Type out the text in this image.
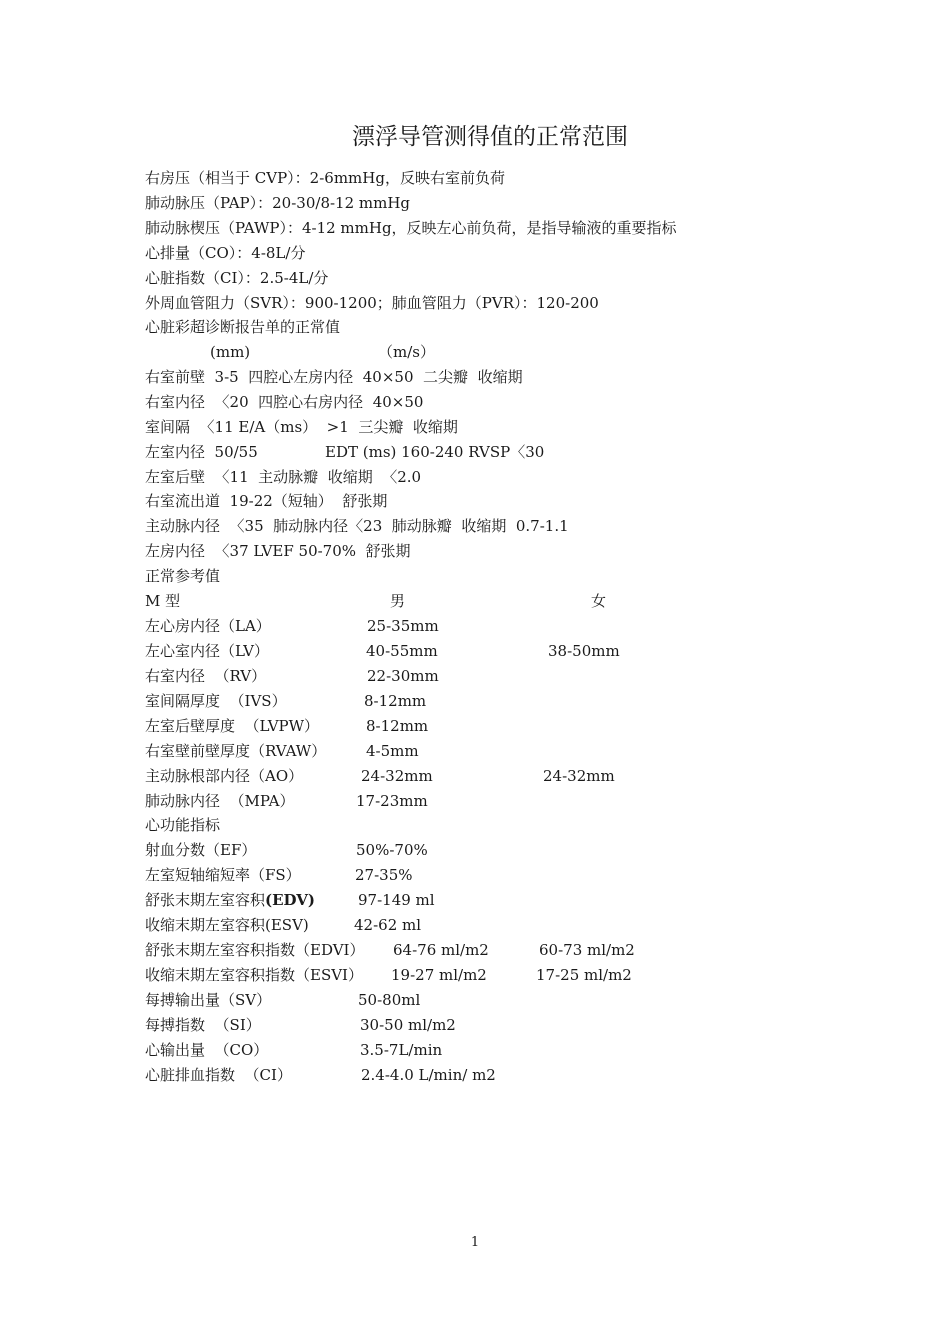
漂浮导管测得值的正常范围

右房压（相当于 CVP）：2-6mmHg，反映右室前负荷

肺动脉压（PAP）：20-30/8-12 mmHg

肺动脉楔压（PAWP）：4-12 mmHg，反映左心前负荷，是指导输液的重要指标

心排量（CO）：4-8L/分

心脏指数（CI）：2.5-4L/分

外周血管阻力（SVR）：900-1200；肺血管阻力（PVR）：120-200

心脏彩超诊断报告单的正常值

(mm)	（m/s）

右室前壁  3-5  四腔心左房内径  40×50  二尖瓣  收缩期

右室内径  〈20  四腔心右房内径  40×50

室间隔  〈11 E/A（ms）  >1  三尖瓣  收缩期

左室内径  50/55	EDT (ms) 160-240 RVSP〈30

左室后壁  〈11  主动脉瓣  收缩期  〈2.0

右室流出道  19-22（短轴）  舒张期

主动脉内径  〈35  肺动脉内径〈23  肺动脉瓣  收缩期  0.7-1.1

左房内径  〈37 LVEF 50-70%  舒张期

正常参考值

M 型	男	女
左心房内径（LA）	25-35mm
左心室内径（LV）	40-55mm	38-50mm
右室内径  （RV）	22-30mm
室间隔厚度  （IVS）	8-12mm
左室后壁厚度  （LVPW）	8-12mm
右室壁前壁厚度（RVAW）	4-5mm
主动脉根部内径（AO）	24-32mm	24-32mm
肺动脉内径  （MPA）	17-23mm

心功能指标

射血分数（EF）	50%-70%
左室短轴缩短率（FS）	27-35%
舒张末期左室容积(EDV)	97-149 ml
收缩末期左室容积(ESV)	42-62 ml
舒张末期左室容积指数（EDVI） 64-76 ml/m2	60-73 ml/m2
收缩末期左室容积指数（ESVI） 19-27 ml/m2	17-25 ml/m2
每搏输出量（SV）	50-80ml
每搏指数  （SI）	30-50 ml/m2
心输出量  （CO）	3.5-7L/min
心脏排血指数  （CI）	2.4-4.0 L/min/ m2
1
